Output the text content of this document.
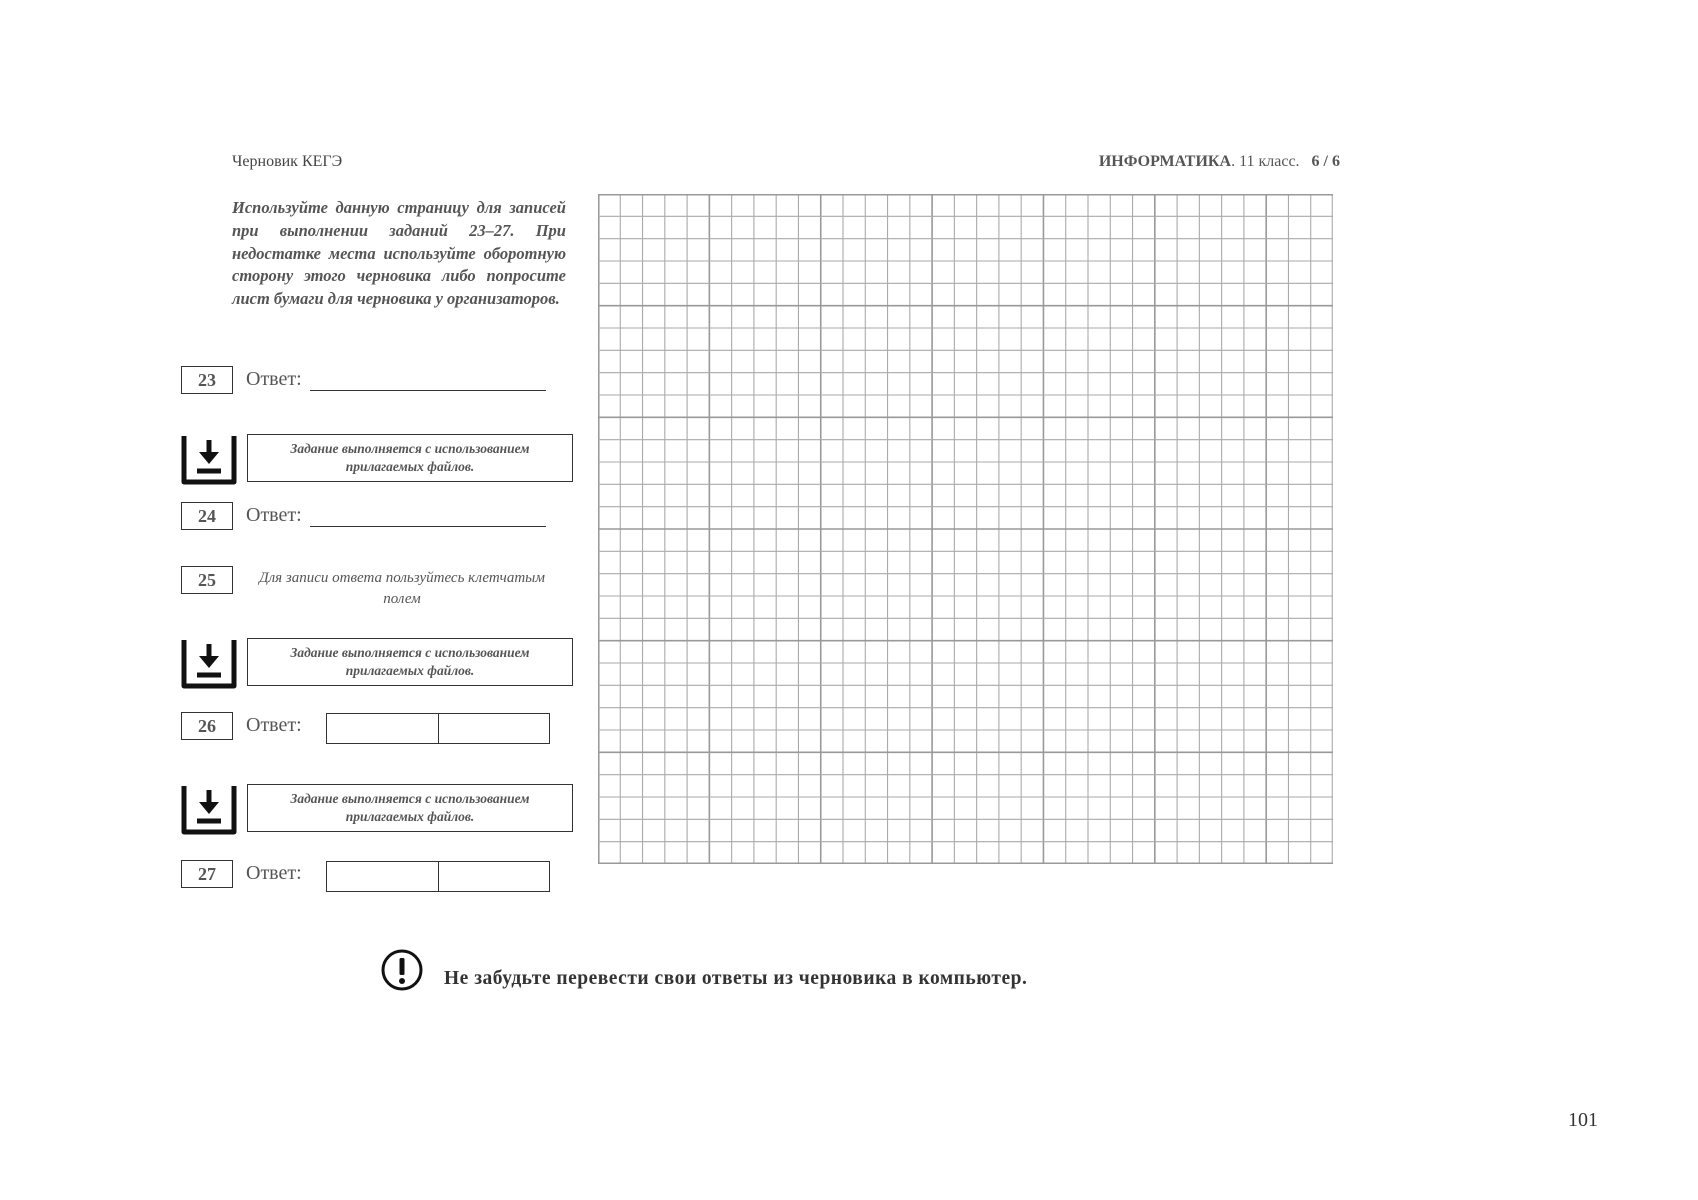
Черновик КЕГЭ	ИНФОРМАТИКА. 11 класс. 6 / 6
Используйте данную страницу для записей при выполнении заданий 23–27. При недостатке места используйте оборотную сторону этого черновика либо попросите лист бумаги для черновика у организаторов.
23	Ответ:
Задание выполняется с использованием прилагаемых файлов.
24	Ответ:
25	Для записи ответа пользуйтесь клетчатым полем
Задание выполняется с использованием прилагаемых файлов.
26	Ответ:
Задание выполняется с использованием прилагаемых файлов.
27	Ответ:
Не забудьте перевести свои ответы из черновика в компьютер.
101
